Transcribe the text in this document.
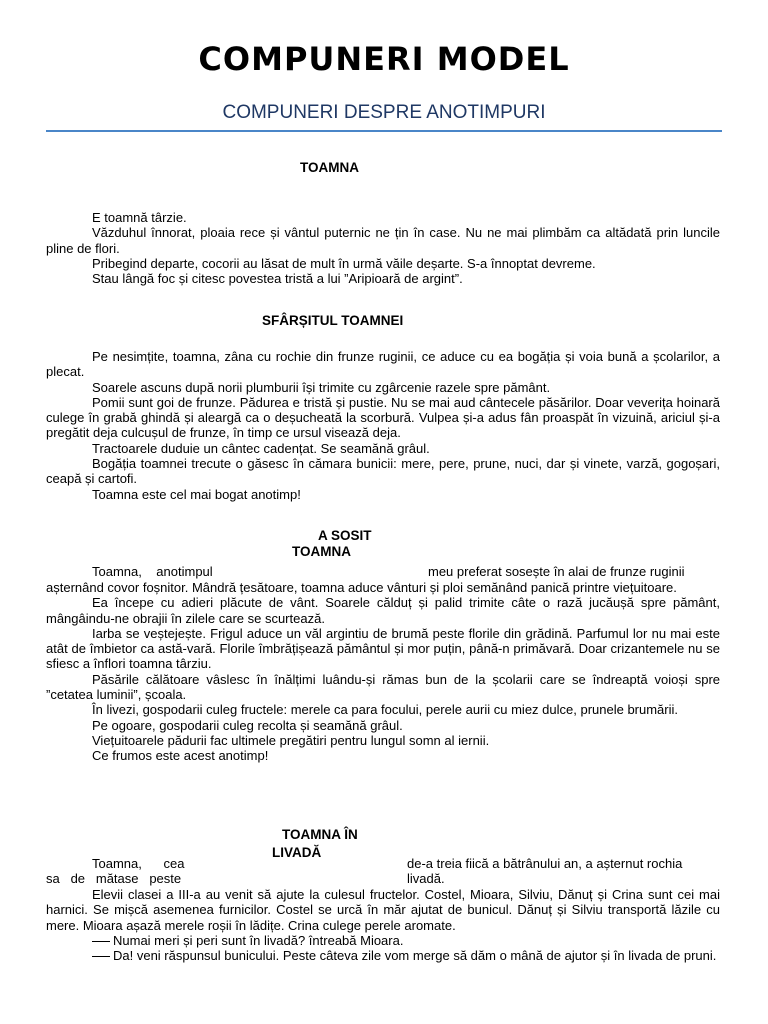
COMPUNERI MODEL
COMPUNERI DESPRE ANOTIMPURI
TOAMNA

E toamnă târzie.

Văzduhul înnorat, ploaia rece și vântul puternic ne țin în case. Nu ne mai plimbăm ca altădată prin luncile pline de flori.

Pribegind departe, cocorii au lăsat de mult în urmă văile deșarte. S-a înnoptat devreme.

Stau lângă foc și citesc povestea tristă a lui ”Aripioară de argint”.

SFÂRȘITUL TOAMNEI

Pe nesimțite, toamna, zâna cu rochie din frunze ruginii, ce aduce cu ea bogăția și voia bună a școlarilor, a plecat.

Soarele ascuns după norii plumburii își trimite cu zgârcenie razele spre pământ.

Pomii sunt goi de frunze. Pădurea e tristă și pustie. Nu se mai aud cântecele păsărilor. Doar veverița hoinară culege în grabă ghindă și aleargă ca o deșucheată la scorbură. Vulpea și-a adus fân proaspăt în vizuină, ariciul și-a pregătit deja culcușul de frunze, în timp ce ursul visează deja.

Tractoarele duduie un cântec cadențat. Se seamănă grâul.

Bogăția toamnei trecute o găsesc în cămara bunicii: mere, pere, prune, nuci, dar și vinete, varză, gogoșari, ceapă și cartofi.

Toamna este cel mai bogat anotimp!

A SOSIT
TOAMNA
Toamna,    anotimpul	meu preferat sosește în alai de frunze ruginii

așternând covor foșnitor. Mândră țesătoare, toamna aduce vânturi și ploi semănând panică printre viețuitoare.

Ea începe cu adieri plăcute de vânt. Soarele călduț și palid trimite câte o rază jucăușă spre pământ, mângâindu-ne obrajii în zilele care se scurtează.

Iarba se veștejește. Frigul aduce un văl argintiu de brumă peste florile din grădină. Parfumul lor nu mai este atât de îmbietor ca astă-vară. Florile îmbrățișează pământul și mor puțin, până-n primăvară. Doar crizantemele nu se sfiesc a înflori toamna târziu.

Păsările călătoare vâslesc în înălțimi luându-și rămas bun de la școlarii care se îndreaptă voioși spre ”cetatea luminii”, școala.

În livezi, gospodarii culeg fructele: merele ca para focului, perele aurii cu miez dulce, prunele brumării.

Pe ogoare, gospodarii culeg recolta și seamănă grâul.

Viețuitoarele pădurii fac ultimele pregătiri pentru lungul somn al iernii.

Ce frumos este acest anotimp!

TOAMNA ÎN
LIVADĂ
Toamna,      cea	de-a treia fiică a bătrânului an, a așternut rochia
sa   de   mătase   peste	livadă.

Elevii clasei a III-a au venit să ajute la culesul fructelor. Costel, Mioara, Silviu, Dănuț și Crina sunt cei mai harnici. Se mișcă asemenea furnicilor. Costel se urcă în măr ajutat de bunicul. Dănuț și Silviu transportă lăzile cu mere. Mioara așază merele roșii în lădițe. Crina culege perele aromate.

Numai meri și peri sunt în livadă? întreabă Mioara.

Da! veni răspunsul bunicului. Peste câteva zile vom merge să dăm o mână de ajutor și în livada de pruni.
